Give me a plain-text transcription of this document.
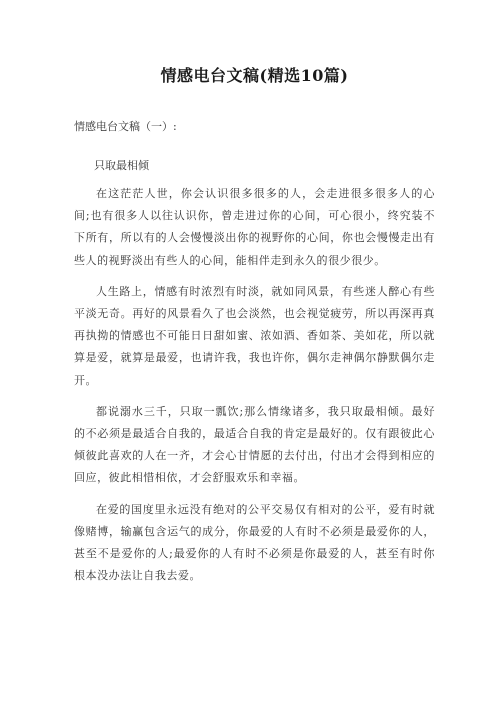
情感电台文稿(精选10篇)

情感电台文稿（一）:

只取最相倾

在这茫茫人世，你会认识很多很多的人，会走进很多很多人的心间;也有很多人以往认识你，曾走进过你的心间，可心很小，终究装不下所有，所以有的人会慢慢淡出你的视野你的心间，你也会慢慢走出有些人的视野淡出有些人的心间，能相伴走到永久的很少很少。

人生路上，情感有时浓烈有时淡，就如同风景，有些迷人醉心有些平淡无奇。再好的风景看久了也会淡然，也会视觉疲劳，所以再深再真再执拗的情感也不可能日日甜如蜜、浓如酒、香如茶、美如花，所以就算是爱，就算是最爱，也请许我，我也许你，偶尔走神偶尔静默偶尔走开。

都说溺水三千，只取一瓢饮;那么情缘诸多，我只取最相倾。最好的不必须是最适合自我的，最适合自我的肯定是最好的。仅有跟彼此心倾彼此喜欢的人在一齐，才会心甘情愿的去付出，付出才会得到相应的回应，彼此相惜相依，才会舒服欢乐和幸福。

在爱的国度里永远没有绝对的公平交易仅有相对的公平，爱有时就像赌博，输赢包含运气的成分，你最爱的人有时不必须是最爱你的人，甚至不是爱你的人;最爱你的人有时不必须是你最爱的人，甚至有时你根本没办法让自我去爱。
